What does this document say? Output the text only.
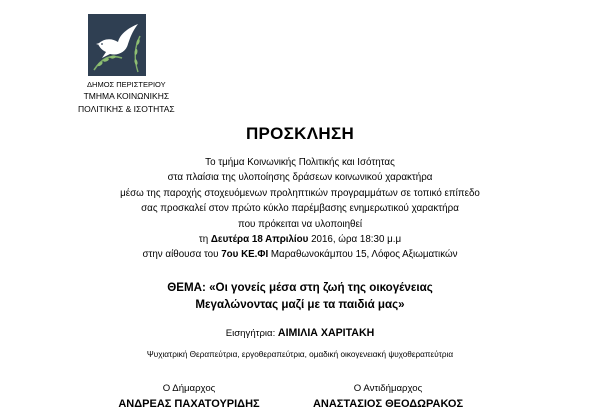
ΔΗΜΟΣ ΠΕΡΙΣΤΕΡΙΟΥ
ΤΜΗΜΑ ΚΟΙΝΩΝΙΚΗΣ
ΠΟΛΙΤΙΚΗΣ & ΙΣΟΤΗΤΑΣ
ΠΡΟΣΚΛΗΣΗ
Το τμήμα Κοινωνικής Πολιτικής και Ισότητας
στα πλαίσια της υλοποίησης δράσεων κοινωνικού χαρακτήρα
μέσω της παροχής στοχευόμενων προληπτικών προγραμμάτων σε τοπικό επίπεδο
σας προσκαλεί στον πρώτο κύκλο παρέμβασης ενημερωτικού χαρακτήρα
που πρόκειται να υλοποιηθεί
τη Δευτέρα 18 Απριλίου 2016, ώρα 18:30 μ.μ
στην αίθουσα του 7ου ΚΕ.ΦΙ Μαραθωνοκάμπου 15, Λόφος Αξιωματικών
ΘΕΜΑ: «Οι γονείς μέσα στη ζωή της οικογένειας
Μεγαλώνοντας μαζί με τα παιδιά μας»
Εισηγήτρια: ΑΙΜΙΛΙΑ ΧΑΡΙΤΑΚΗ
Ψυχιατρική Θεραπεύτρια, εργοθεραπεύτρια, ομαδική οικογενειακή ψυχοθεραπεύτρια
Ο Δήμαρχος
ΑΝΔΡΕΑΣ ΠΑΧΑΤΟΥΡΙΔΗΣ
Ο Αντιδήμαρχος
ΑΝΑΣΤΑΣΙΟΣ ΘΕΟΔΩΡΑΚΟΣ
